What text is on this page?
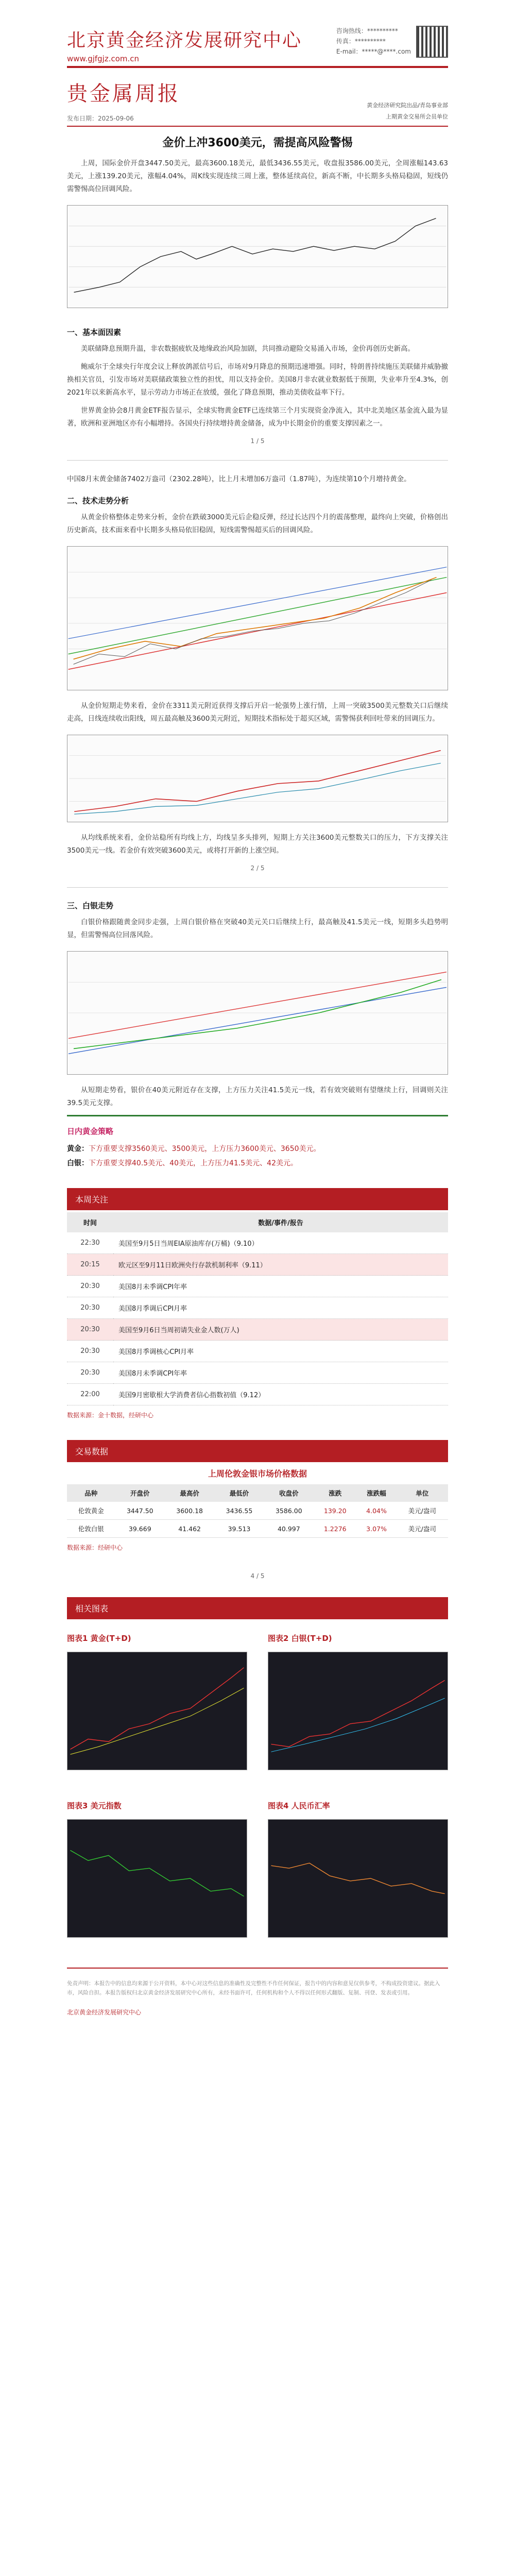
北京黄金经济发展研究中心
www.gjfgjz.com.cn
咨询热线：**********
传真：**********
E-mail：*****@****.com
贵金属周报
发布日期：2025-09-06
黄金经济研究院出品/青岛事业部
上期黄金交易所会员单位
金价上冲3600美元，需提高风险警惕

上周，国际金价开盘3447.50美元，最高3600.18美元，最低3436.55美元，收盘报3586.00美元，全周涨幅143.63美元，上涨139.20美元，涨幅4.04%，周K线实现连续三周上涨，整体延续高位，新高不断，中长期多头格局稳固，短线仍需警惕高位回调风险。

一、基本面因素

美联储降息预期升温，非农数据疲软及地缘政治风险加剧，共同推动避险交易涌入市场，金价再创历史新高。

鲍威尔于全球央行年度会议上释放鸽派信号后，市场对9月降息的预期迅速增强。同时，特朗普持续施压美联储并威胁撤换相关官员，引发市场对美联储政策独立性的担忧，用以支持金价。美国8月非农就业数据低于预期，失业率升至4.3%，创2021年以来新高水平，显示劳动力市场正在放缓，强化了降息预期，推动美债收益率下行。

世界黄金协会8月黄金ETF报告显示，全球实物黄金ETF已连续第三个月实现资金净流入，其中北美地区基金流入最为显著，欧洲和亚洲地区亦有小幅增持。各国央行持续增持黄金储备，成为中长期金价的重要支撑因素之一。

1 / 5

中国8月末黄金储备7402万盎司（2302.28吨），比上月末增加6万盎司（1.87吨），为连续第10个月增持黄金。

二、技术走势分析

从黄金价格整体走势来分析，金价在跌破3000美元后企稳反弹，经过长达四个月的震荡整理，最终向上突破，价格创出历史新高，技术面来看中长期多头格局依旧稳固，短线需警惕超买后的回调风险。

从金价短期走势来看，金价在3311美元附近获得支撑后开启一轮强势上涨行情，上周一突破3500美元整数关口后继续走高，日线连续收出阳线，周五最高触及3600美元附近，短期技术指标处于超买区域，需警惕获利回吐带来的回调压力。

从均线系统来看，金价站稳所有均线上方，均线呈多头排列，短期上方关注3600美元整数关口的压力，下方支撑关注3500美元一线。若金价有效突破3600美元，或将打开新的上涨空间。

2 / 5
三、白银走势

白银价格跟随黄金同步走强，上周白银价格在突破40美元关口后继续上行，最高触及41.5美元一线，短期多头趋势明显，但需警惕高位回落风险。

从短期走势看，银价在40美元附近存在支撑，上方压力关注41.5美元一线，若有效突破则有望继续上行，回调则关注39.5美元支撑。

日内黄金策略
黄金：下方重要支撑3560美元、3500美元，上方压力3600美元、3650美元。
白银：下方重要支撑40.5美元、40美元，上方压力41.5美元、42美元。
本周关注
时间	数据/事件/报告
22:30	美国至9月5日当周EIA原油库存(万桶)（9.10）
20:15	欧元区至9月11日欧洲央行存款机制利率（9.11）
20:30	美国8月未季调CPI年率
20:30	美国8月季调后CPI月率
20:30	美国至9月6日当周初请失业金人数(万人)
20:30	美国8月季调核心CPI月率
20:30	美国8月未季调CPI年率
22:00	美国9月密歇根大学消费者信心指数初值（9.12）
数据来源：金十数据，经研中心
交易数据
上周伦敦金银市场价格数据
品种	开盘价	最高价	最低价	收盘价	涨跌	涨跌幅	单位
伦敦黄金	3447.50	3600.18	3436.55	3586.00	139.20	4.04%	美元/盎司
伦敦白银	39.669	41.462	39.513	40.997	1.2276	3.07%	美元/盎司
数据来源：经研中心
4 / 5
相关图表
图表1 黄金(T+D)	图表2 白银(T+D)
图表3 美元指数	图表4 人民币汇率
免责声明：本报告中的信息均来源于公开资料，本中心对这些信息的准确性及完整性不作任何保证，报告中的内容和意见仅供参考，不构成投资建议。据此入市，风险自担。本报告版权归北京黄金经济发展研究中心所有，未经书面许可，任何机构和个人不得以任何形式翻版、复制、刊登、发表或引用。
北京黄金经济发展研究中心
